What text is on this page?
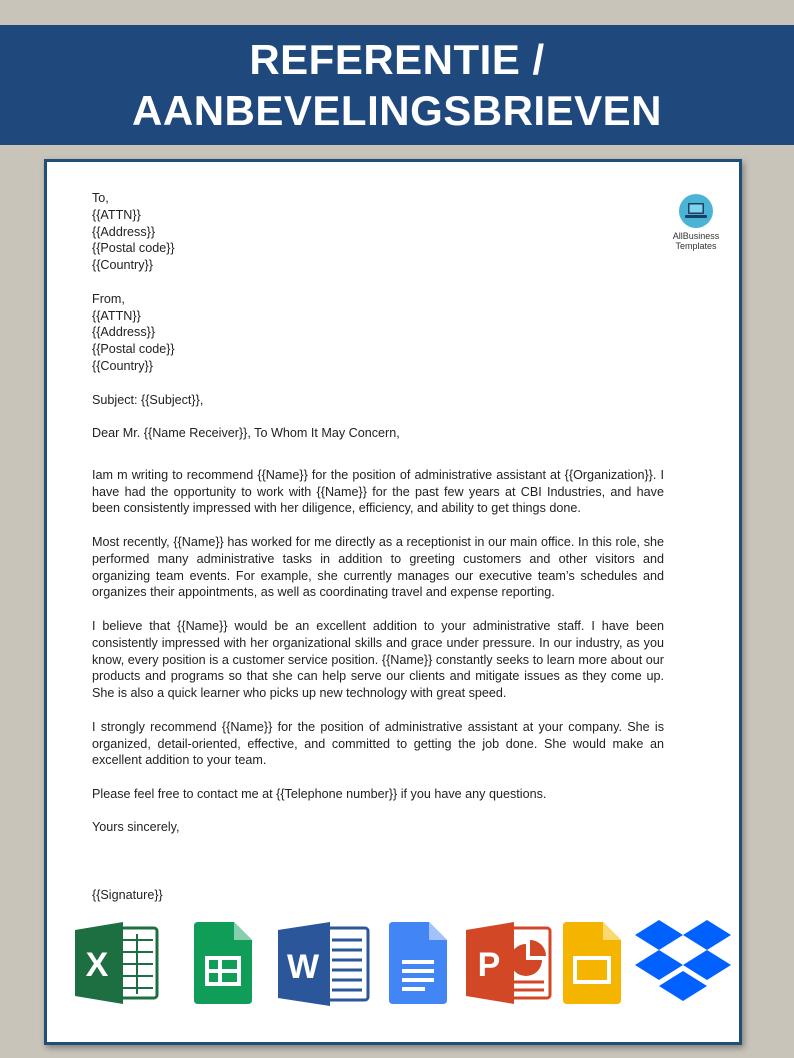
REFERENTIE /
AANBEVELINGSBRIEVEN
AllBusiness
Templates

To,

{{ATTN}}

{{Address}}

{{Postal code}}

{{Country}}

From,

{{ATTN}}

{{Address}}

{{Postal code}}

{{Country}}

Subject: {{Subject}},

Dear Mr. {{Name Receiver}}, To Whom It May Concern,

Iam m writing to recommend {{Name}} for the position of administrative assistant at {{Organization}}. I have had the opportunity to work with {{Name}} for the past few years at CBI Industries, and have been consistently impressed with her diligence, efficiency, and ability to get things done.

Most recently, {{Name}} has worked for me directly as a receptionist in our main office. In this role, she performed many administrative tasks in addition to greeting customers and other visitors and organizing team events. For example, she currently manages our executive team’s schedules and organizes their appointments, as well as coordinating travel and expense reporting.

I believe that {{Name}} would be an excellent addition to your administrative staff. I have been consistently impressed with her organizational skills and grace under pressure. In our industry, as you know, every position is a customer service position. {{Name}} constantly seeks to learn more about our products and programs so that she can help serve our clients and mitigate issues as they come up. She is also a quick learner who picks up new technology with great speed.

I strongly recommend {{Name}} for the position of administrative assistant at your company. She is organized, detail-oriented, effective, and committed to getting the job done. She would make an excellent addition to your team.

Please feel free to contact me at {{Telephone number}} if you have any questions.

Yours sincerely,

{{Signature}}

X	W	P
